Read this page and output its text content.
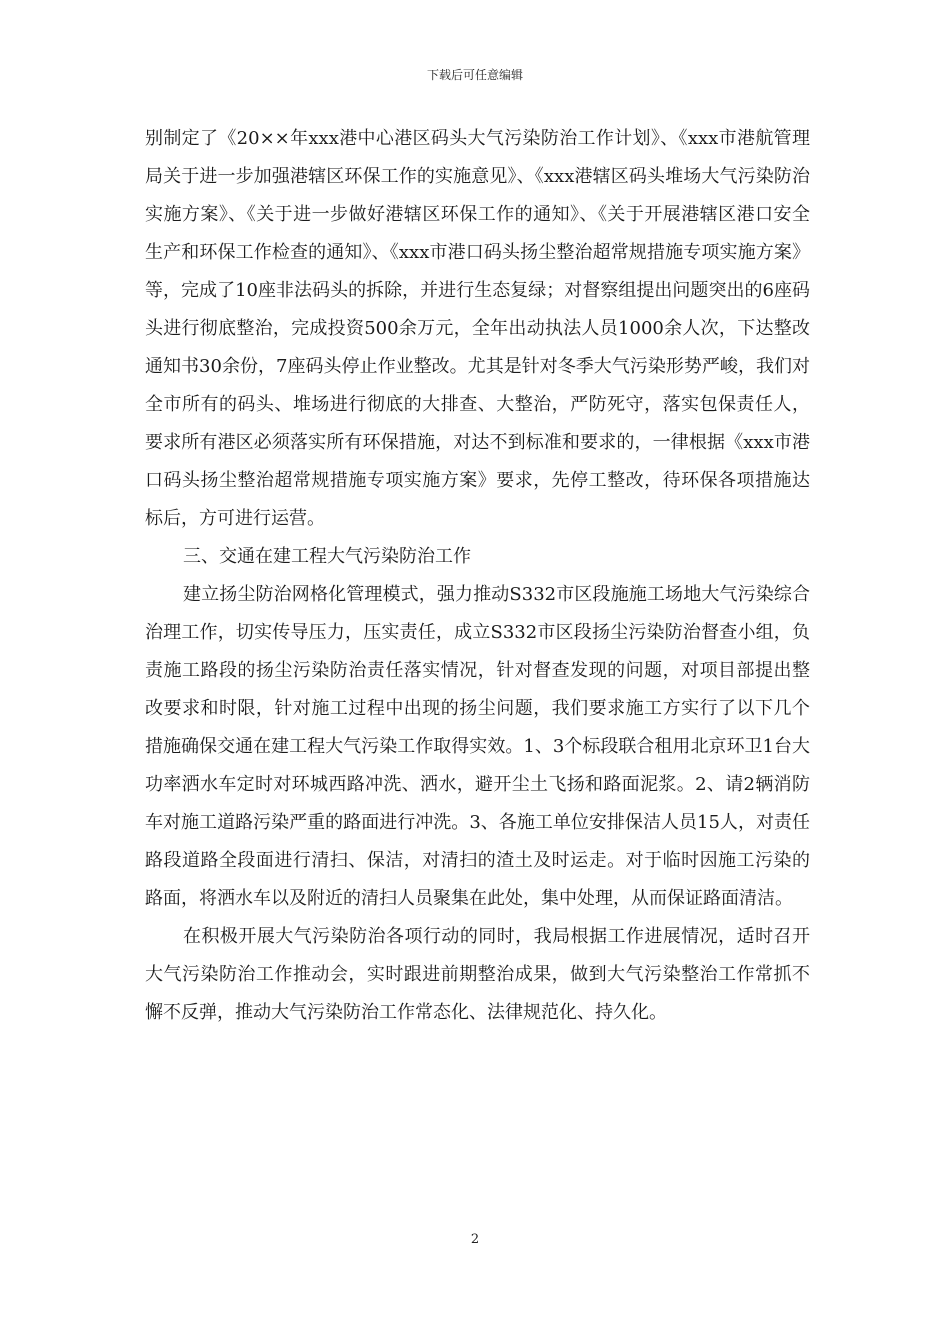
下载后可任意编辑

别制定了《20××年xxx港中心港区码头大气污染防治工作计划》、《xxx市港航管理局关于进一步加强港辖区环保工作的实施意见》、《xxx港辖区码头堆场大气污染防治实施方案》、《关于进一步做好港辖区环保工作的通知》、《关于开展港辖区港口安全生产和环保工作检查的通知》、《xxx市港口码头扬尘整治超常规措施专项实施方案》等，完成了10座非法码头的拆除，并进行生态复绿；对督察组提出问题突出的6座码头进行彻底整治，完成投资500余万元，全年出动执法人员1000余人次，下达整改通知书30余份，7座码头停止作业整改。尤其是针对冬季大气污染形势严峻，我们对全市所有的码头、堆场进行彻底的大排查、大整治，严防死守，落实包保责任人，要求所有港区必须落实所有环保措施，对达不到标准和要求的，一律根据《xxx市港口码头扬尘整治超常规措施专项实施方案》要求，先停工整改，待环保各项措施达标后，方可进行运营。

三、交通在建工程大气污染防治工作

建立扬尘防治网格化管理模式，强力推动S332市区段施施工场地大气污染综合治理工作，切实传导压力，压实责任，成立S332市区段扬尘污染防治督查小组，负责施工路段的扬尘污染防治责任落实情况，针对督查发现的问题，对项目部提出整改要求和时限，针对施工过程中出现的扬尘问题，我们要求施工方实行了以下几个措施确保交通在建工程大气污染工作取得实效。1、3个标段联合租用北京环卫1台大功率洒水车定时对环城西路冲洗、洒水，避开尘土飞扬和路面泥浆。2、请2辆消防车对施工道路污染严重的路面进行冲洗。3、各施工单位安排保洁人员15人，对责任路段道路全段面进行清扫、保洁，对清扫的渣土及时运走。对于临时因施工污染的路面，将洒水车以及附近的清扫人员聚集在此处，集中处理，从而保证路面清洁。

在积极开展大气污染防治各项行动的同时，我局根据工作进展情况，适时召开大气污染防治工作推动会，实时跟进前期整治成果，做到大气污染整治工作常抓不懈不反弹，推动大气污染防治工作常态化、法律规范化、持久化。

2
